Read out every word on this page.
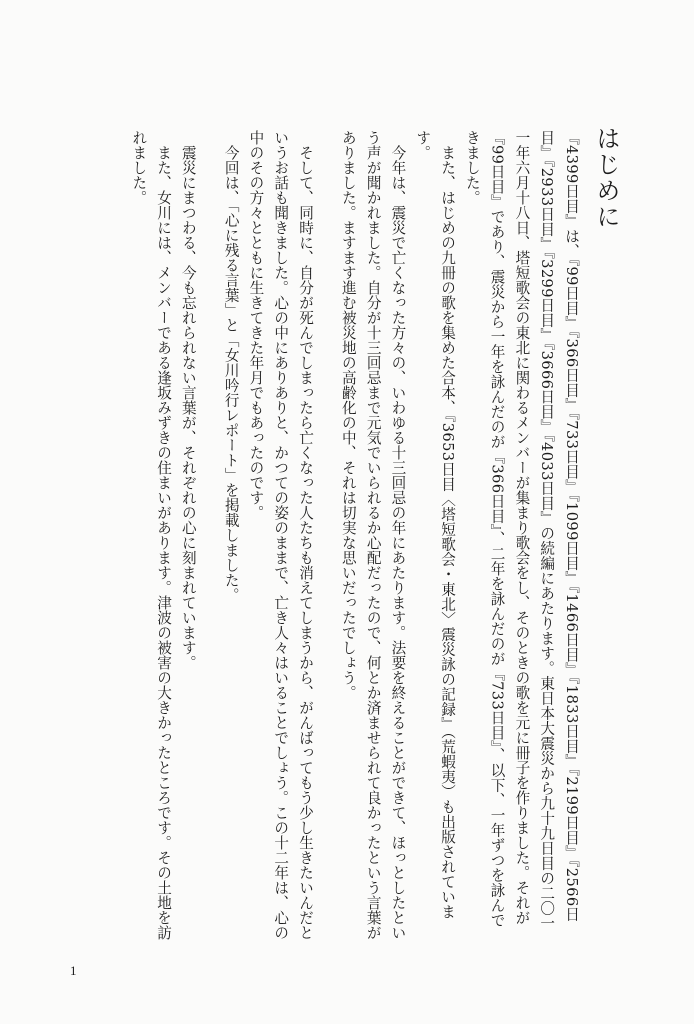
はじめに

『4399日目』は、『99日目』『366日目』『733日目』『1099日目』『1466日目』『1833日目』『2199日目』『2566日目』『2933日目』『3299日目』『3666日目』『4033日目』の続編にあたります。東日本大震災から九十九日目の二〇一一年六月十八日、塔短歌会の東北に関わるメンバーが集まり歌会をし、そのときの歌を元に冊子を作りました。それが『99日目』であり、震災から一年を詠んだのが『366日目』、二年を詠んだのが『733日目』、以下、一年ずつを詠んできました。

また、はじめの九冊の歌を集めた合本、『3653日目〈塔短歌会・東北〉震災詠の記録』（荒蝦夷）も出版されています。

今年は、震災で亡くなった方々の、いわゆる十三回忌の年にあたります。法要を終えることができて、ほっとしたという声が聞かれました。自分が十三回忌まで元気でいられるか心配だったので、何とか済ませられて良かったという言葉がありました。ますます進む被災地の高齢化の中、それは切実な思いだったでしょう。

そして、同時に、自分が死んでしまったら亡くなった人たちも消えてしまうから、がんばってもう少し生きたいんだというお話も聞きました。心の中にありありと、かつての姿のままで、亡き人々はいることでしょう。この十二年は、心の中のその方々とともに生きてきた年月でもあったのです。

今回は、「心に残る言葉」と「女川吟行レポート」を掲載しました。

震災にまつわる、今も忘れられない言葉が、それぞれの心に刻まれています。

また、女川には、メンバーである逢坂みずきの住まいがあります。津波の被害の大きかったところです。その土地を訪れました。

1
